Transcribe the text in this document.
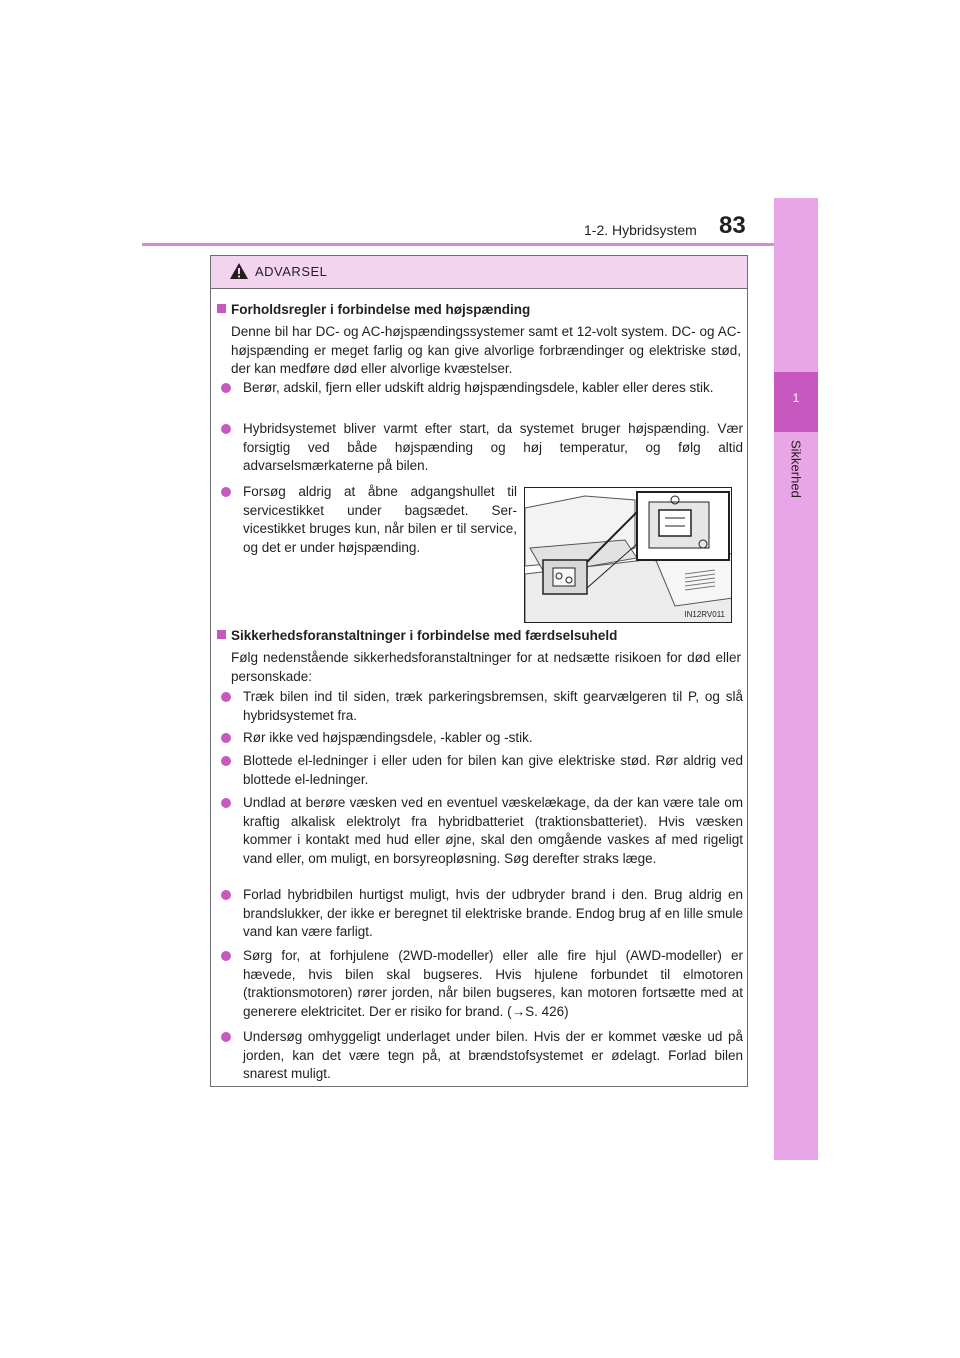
1-2. Hybridsystem 83
1
Sikkerhed
ADVARSEL
Forholdsregler i forbindelse med højspænding
Denne bil har DC- og AC-højspændingssystemer samt et 12-volt system. DC- og AC-højspænding er meget farlig og kan give alvorlige forbrændinger og elektriske stød, der kan medføre død eller alvorlige kvæstelser.
Berør, adskil, fjern eller udskift aldrig højspændingsdele, kabler eller deres stik.
Hybridsystemet bliver varmt efter start, da systemet bruger højspænding. Vær forsigtig ved både højspænding og høj temperatur, og følg altid advarselsmærkaterne på bilen.
Forsøg aldrig at åbne adgangshullet til servicestikket under bagsædet. Ser-vicestikket bruges kun, når bilen er til service, og det er under højspænding.
IN12RV011
Sikkerhedsforanstaltninger i forbindelse med færdselsuheld
Følg nedenstående sikkerhedsforanstaltninger for at nedsætte risikoen for død eller personskade:
Træk bilen ind til siden, træk parkeringsbremsen, skift gearvælgeren til P, og slå hybridsystemet fra.
Rør ikke ved højspændingsdele, -kabler og -stik.
Blottede el-ledninger i eller uden for bilen kan give elektriske stød. Rør aldrig ved blottede el-ledninger.
Undlad at berøre væsken ved en eventuel væskelækage, da der kan være tale om kraftig alkalisk elektrolyt fra hybridbatteriet (traktionsbatteriet). Hvis væsken kommer i kontakt med hud eller øjne, skal den omgående vaskes af med rigeligt vand eller, om muligt, en borsyreopløsning. Søg derefter straks læge.
Forlad hybridbilen hurtigst muligt, hvis der udbryder brand i den. Brug aldrig en brandslukker, der ikke er beregnet til elektriske brande. Endog brug af en lille smule vand kan være farligt.
Sørg for, at forhjulene (2WD-modeller) eller alle fire hjul (AWD-modeller) er hævede, hvis bilen skal bugseres. Hvis hjulene forbundet til elmotoren (traktionsmotoren) rører jorden, når bilen bugseres, kan motoren fortsætte med at generere elektricitet. Der er risiko for brand. (→S. 426)
Undersøg omhyggeligt underlaget under bilen. Hvis der er kommet væske ud på jorden, kan det være tegn på, at brændstofsystemet er ødelagt. Forlad bilen snarest muligt.
